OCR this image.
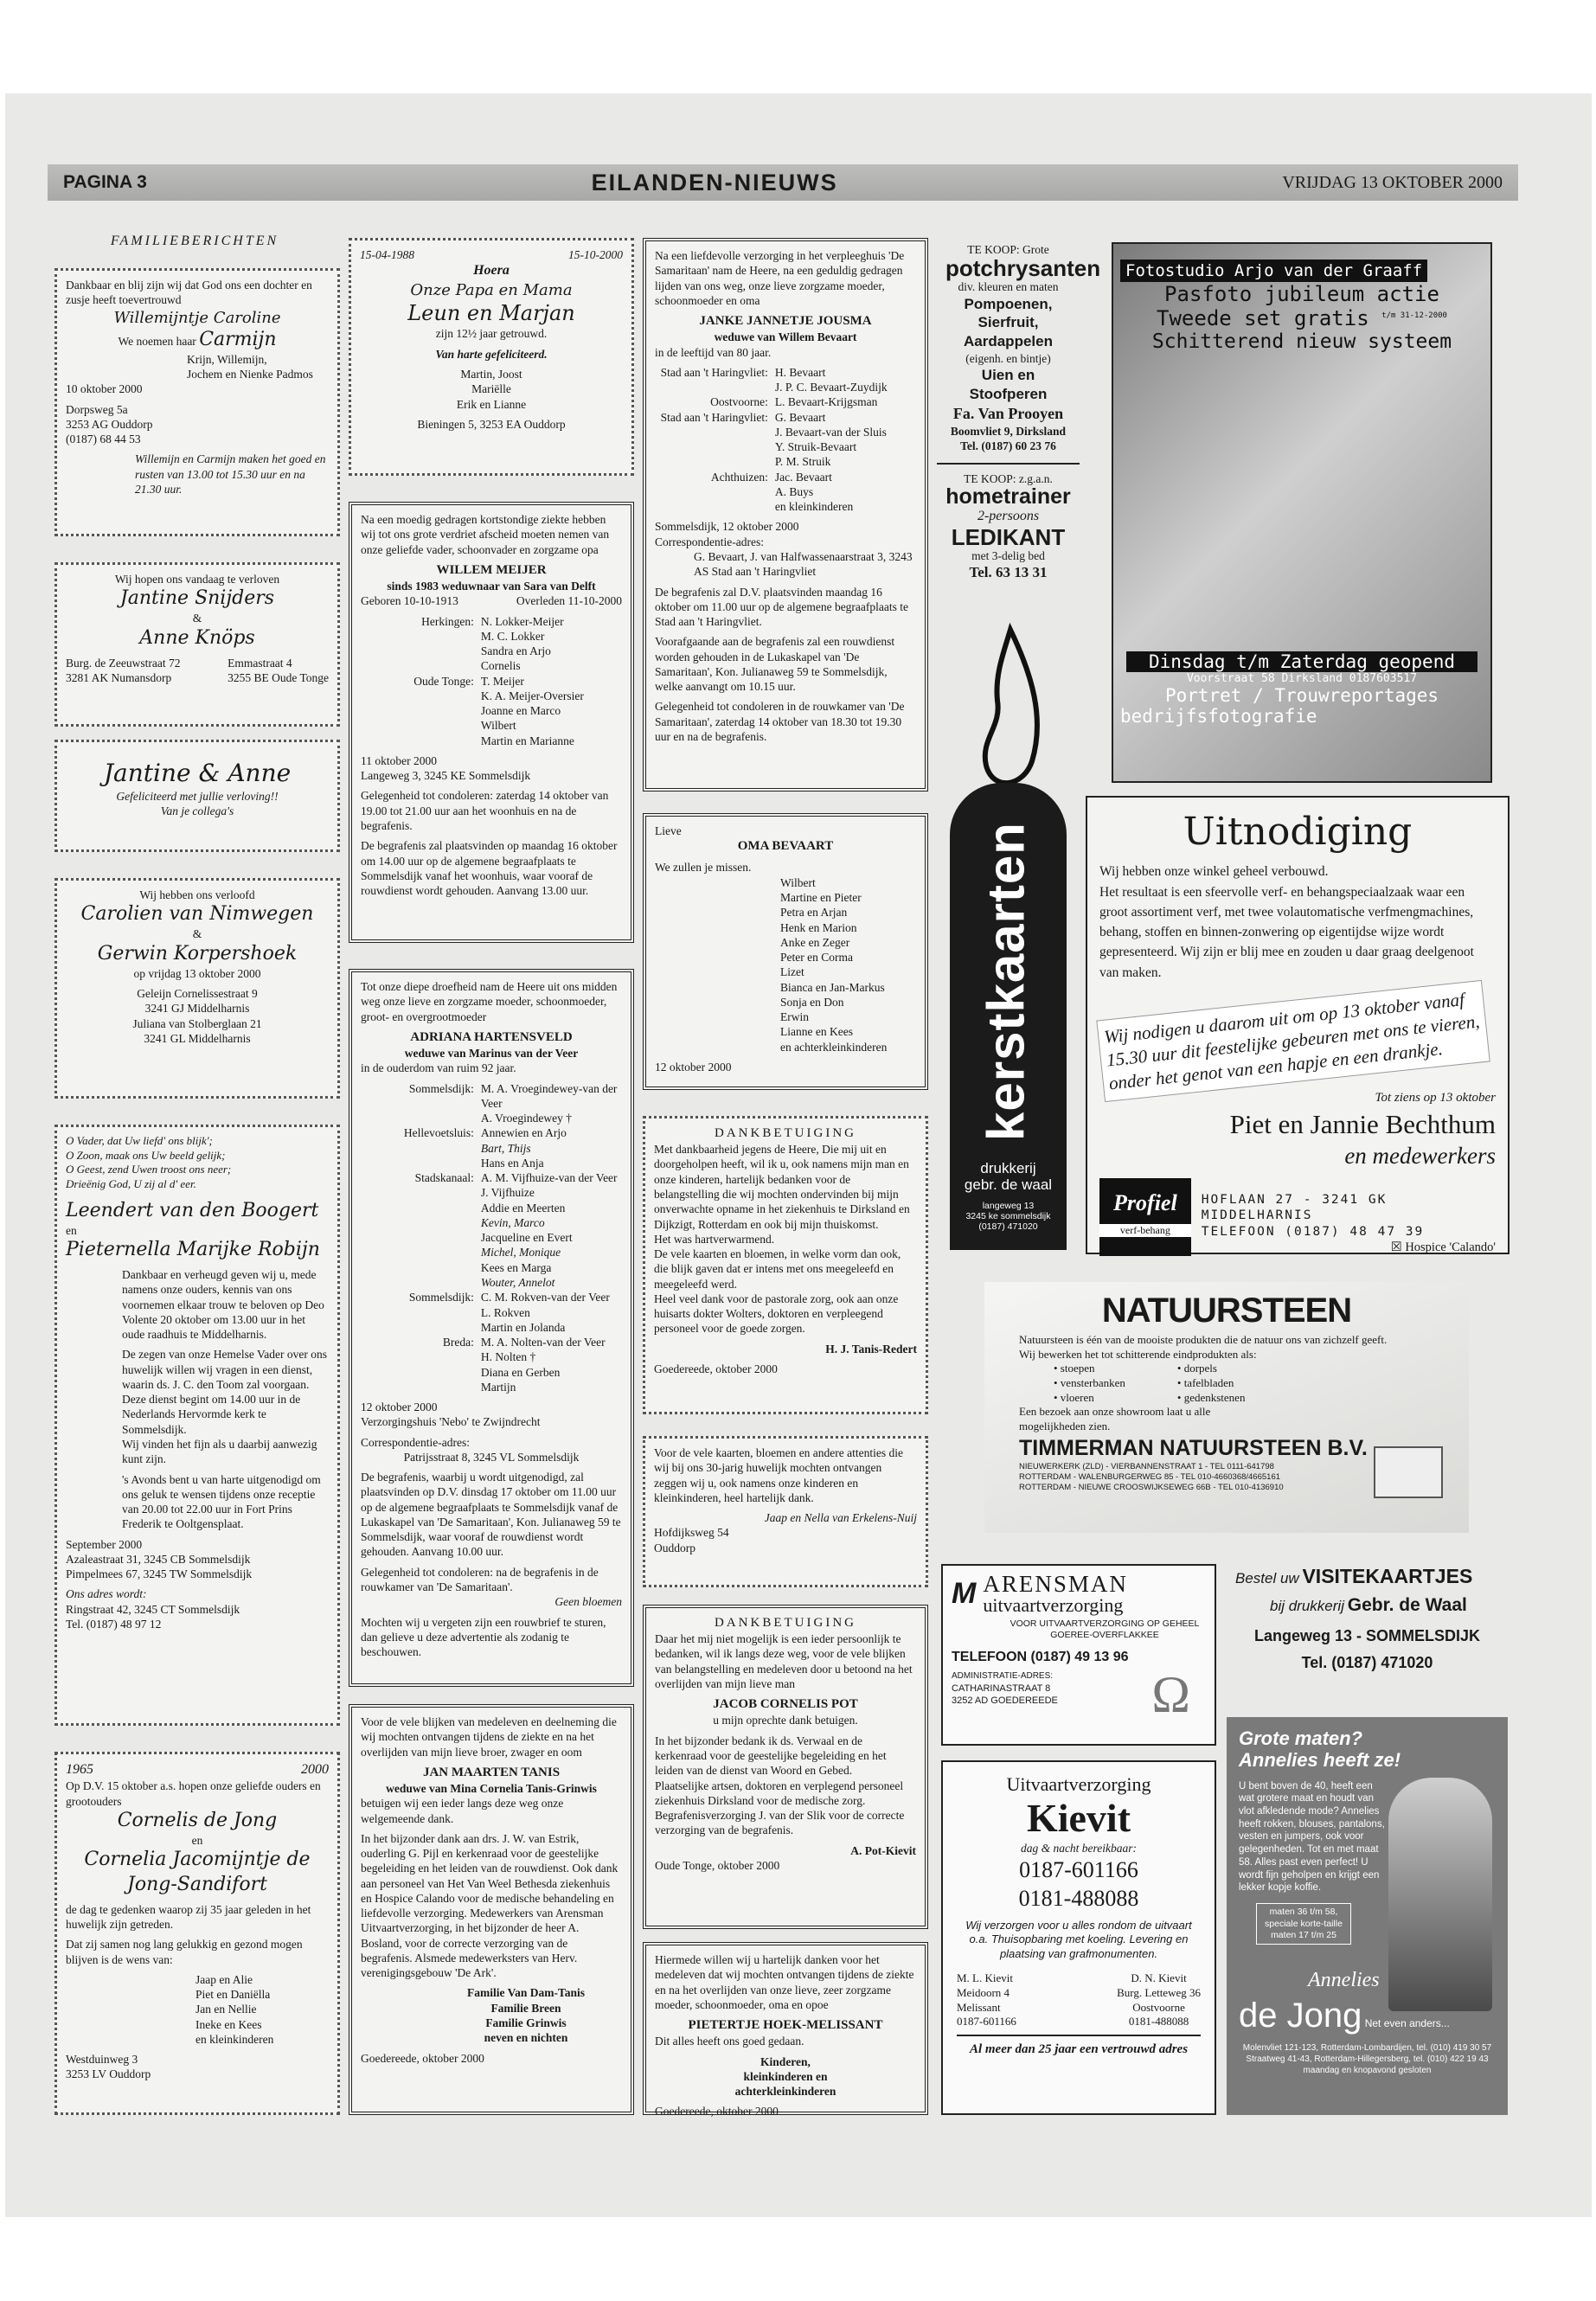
PAGINA 3	EILANDEN-NIEUWS	VRIJDAG 13 OKTOBER 2000
FAMILIEBERICHTEN
Dankbaar en blij zijn wij dat God ons een dochter en zusje heeft toevertrouwd
Willemijntje Caroline
We noemen haar Carmijn
Krijn, Willemijn,
Jochem en Nienke Padmos
10 oktober 2000
Dorpsweg 5a
3253 AG Ouddorp
(0187) 68 44 53
Willemijn en Carmijn maken het goed en rusten van 13.00 tot 15.30 uur en na 21.30 uur.
Wij hopen ons vandaag te verloven
Jantine Snijders
&
Anne Knöps
Burg. de Zeeuwstraat 72
3281 AK Numansdorp
Emmastraat 4
3255 BE Oude Tonge
Jantine & Anne
Gefeliciteerd met jullie verloving!!
Van je collega's
Wij hebben ons verloofd
Carolien van Nimwegen
&
Gerwin Korpershoek
op vrijdag 13 oktober 2000
Geleijn Cornelissestraat 9
3241 GJ Middelharnis
Juliana van Stolberglaan 21
3241 GL Middelharnis
O Vader, dat Uw liefd' ons blijk';
O Zoon, maak ons Uw beeld gelijk;
O Geest, zend Uwen troost ons neer;
Drieënig God, U zij al d' eer.
Leendert van den Boogert
en
Pieternella Marijke Robijn
Dankbaar en verheugd geven wij u, mede namens onze ouders, kennis van ons voornemen elkaar trouw te beloven op Deo Volente 20 oktober om 13.00 uur in het oude raadhuis te Middelharnis.
De zegen van onze Hemelse Vader over ons huwelijk willen wij vragen in een dienst, waarin ds. J. C. den Toom zal voorgaan.
Deze dienst begint om 14.00 uur in de Nederlands Hervormde kerk te Sommelsdijk.
Wij vinden het fijn als u daarbij aanwezig kunt zijn.
's Avonds bent u van harte uitgenodigd om ons geluk te wensen tijdens onze receptie van 20.00 tot 22.00 uur in Fort Prins Frederik te Ooltgensplaat.
September 2000
Azaleastraat 31, 3245 CB Sommelsdijk
Pimpelmees 67, 3245 TW Sommelsdijk
Ons adres wordt:
Ringstraat 42, 3245 CT Sommelsdijk
Tel. (0187) 48 97 12
1965	2000
Op D.V. 15 oktober a.s. hopen onze geliefde ouders en grootouders
Cornelis de Jong
en
Cornelia Jacomijntje de Jong-Sandifort
de dag te gedenken waarop zij 35 jaar geleden in het huwelijk zijn getreden.
Dat zij samen nog lang gelukkig en gezond mogen blijven is de wens van:
Jaap en Alie
Piet en Daniëlla
Jan en Nellie
Ineke en Kees
en kleinkinderen
Westduinweg 3
3253 LV Ouddorp
15-04-1988	15-10-2000
Hoera
Onze Papa en Mama
Leun en Marjan
zijn 12½ jaar getrouwd.
Van harte gefeliciteerd.
Martin, Joost
Mariëlle
Erik en Lianne
Bieningen 5, 3253 EA Ouddorp
Na een moedig gedragen kortstondige ziekte hebben wij tot ons grote verdriet afscheid moeten nemen van onze geliefde vader, schoonvader en zorgzame opa
WILLEM MEIJER
sinds 1983 weduwnaar van Sara van Delft
Geboren 10-10-1913	Overleden 11-10-2000
Herkingen: N. Lokker-Meijer
M. C. Lokker
Sandra en Arjo
Cornelis
Oude Tonge: T. Meijer
K. A. Meijer-Oversier
Joanne en Marco
Wilbert
Martin en Marianne
11 oktober 2000
Langeweg 3, 3245 KE Sommelsdijk
Gelegenheid tot condoleren: zaterdag 14 oktober van 19.00 tot 21.00 uur aan het woonhuis en na de begrafenis.
De begrafenis zal plaatsvinden op maandag 16 oktober om 14.00 uur op de algemene begraafplaats te Sommelsdijk vanaf het woonhuis, waar vooraf de rouwdienst wordt gehouden. Aanvang 13.00 uur.
Tot onze diepe droefheid nam de Heere uit ons midden weg onze lieve en zorgzame moeder, schoonmoeder, groot- en overgrootmoeder
ADRIANA HARTENSVELD
weduwe van Marinus van der Veer
in de ouderdom van ruim 92 jaar.
Sommelsdijk: M. A. Vroegindewey-van der Veer
A. Vroegindewey †
Hellevoetsluis: Annewien en Arjo
Bart, Thijs
Hans en Anja
Stadskanaal: A. M. Vijfhuize-van der Veer
J. Vijfhuize
Addie en Meerten
Kevin, Marco
Jacqueline en Evert
Michel, Monique
Kees en Marga
Wouter, Annelot
Sommelsdijk: C. M. Rokven-van der Veer
L. Rokven
Martin en Jolanda
Breda: M. A. Nolten-van der Veer
H. Nolten †
Diana en Gerben
Martijn
12 oktober 2000
Verzorgingshuis 'Nebo' te Zwijndrecht
Correspondentie-adres:
Patrijsstraat 8, 3245 VL Sommelsdijk
De begrafenis, waarbij u wordt uitgenodigd, zal plaatsvinden op D.V. dinsdag 17 oktober om 11.00 uur op de algemene begraafplaats te Sommelsdijk vanaf de Lukaskapel van 'De Samaritaan', Kon. Julianaweg 59 te Sommelsdijk, waar vooraf de rouwdienst wordt gehouden. Aanvang 10.00 uur.
Gelegenheid tot condoleren: na de begrafenis in de rouwkamer van 'De Samaritaan'.
Geen bloemen
Mochten wij u vergeten zijn een rouwbrief te sturen, dan gelieve u deze advertentie als zodanig te beschouwen.
Voor de vele blijken van medeleven en deelneming die wij mochten ontvangen tijdens de ziekte en na het overlijden van mijn lieve broer, zwager en oom
JAN MAARTEN TANIS
weduwe van Mina Cornelia Tanis-Grinwis
betuigen wij een ieder langs deze weg onze welgemeende dank.
In het bijzonder dank aan drs. J. W. van Estrik, ouderling G. Pijl en kerkenraad voor de geestelijke begeleiding en het leiden van de rouwdienst. Ook dank aan personeel van Het Van Weel Bethesda ziekenhuis en Hospice Calando voor de medische behandeling en liefdevolle verzorging. Medewerkers van Arensman Uitvaartverzorging, in het bijzonder de heer A. Bosland, voor de correcte verzorging van de begrafenis. Alsmede medewerksters van Herv. verenigingsgebouw 'De Ark'.
Familie Van Dam-Tanis
Familie Breen
Familie Grinwis
neven en nichten
Goedereede, oktober 2000
Na een liefdevolle verzorging in het verpleeghuis 'De Samaritaan' nam de Heere, na een geduldig gedragen lijden van ons weg, onze lieve zorgzame moeder, schoonmoeder en oma
JANKE JANNETJE JOUSMA
weduwe van Willem Bevaart
in de leeftijd van 80 jaar.
Stad aan 't Haringvliet: H. Bevaart
J. P. C. Bevaart-Zuydijk
Oostvoorne: L. Bevaart-Krijgsman
Stad aan 't Haringvliet: G. Bevaart
J. Bevaart-van der Sluis
Y. Struik-Bevaart
P. M. Struik
Achthuizen: Jac. Bevaart
A. Buys
en kleinkinderen
Sommelsdijk, 12 oktober 2000
Correspondentie-adres:
G. Bevaart, J. van Halfwassenaarstraat 3, 3243 AS Stad aan 't Haringvliet
De begrafenis zal D.V. plaatsvinden maandag 16 oktober om 11.00 uur op de algemene begraafplaats te Stad aan 't Haringvliet.
Voorafgaande aan de begrafenis zal een rouwdienst worden gehouden in de Lukaskapel van 'De Samaritaan', Kon. Julianaweg 59 te Sommelsdijk, welke aanvangt om 10.15 uur.
Gelegenheid tot condoleren in de rouwkamer van 'De Samaritaan', zaterdag 14 oktober van 18.30 tot 19.30 uur en na de begrafenis.
Lieve
OMA BEVAART
We zullen je missen.
Wilbert
Martine en Pieter
Petra en Arjan
Henk en Marion
Anke en Zeger
Peter en Corma
Lizet
Bianca en Jan-Markus
Sonja en Don
Erwin
Lianne en Kees
en achterkleinkinderen
12 oktober 2000
DANKBETUIGING
Met dankbaarheid jegens de Heere, Die mij uit en doorgeholpen heeft, wil ik u, ook namens mijn man en onze kinderen, hartelijk bedanken voor de belangstelling die wij mochten ondervinden bij mijn onverwachte opname in het ziekenhuis te Dirksland en Dijkzigt, Rotterdam en ook bij mijn thuiskomst.
Het was hartverwarmend.
De vele kaarten en bloemen, in welke vorm dan ook, die blijk gaven dat er intens met ons meegeleefd en meegeleefd werd.
Heel veel dank voor de pastorale zorg, ook aan onze huisarts dokter Wolters, doktoren en verpleegend personeel voor de goede zorgen.
H. J. Tanis-Redert
Goedereede, oktober 2000
Voor de vele kaarten, bloemen en andere attenties die wij bij ons 30-jarig huwelijk mochten ontvangen zeggen wij u, ook namens onze kinderen en kleinkinderen, heel hartelijk dank.
Jaap en Nella van Erkelens-Nuij
Hofdijksweg 54
Ouddorp
DANKBETUIGING
Daar het mij niet mogelijk is een ieder persoonlijk te bedanken, wil ik langs deze weg, voor de vele blijken van belangstelling en medeleven door u betoond na het overlijden van mijn lieve man
JACOB CORNELIS POT
u mijn oprechte dank betuigen.
In het bijzonder bedank ik ds. Verwaal en de kerkenraad voor de geestelijke begeleiding en het leiden van de dienst van Woord en Gebed.
Plaatselijke artsen, doktoren en verplegend personeel ziekenhuis Dirksland voor de medische zorg. Begrafenisverzorging J. van der Slik voor de correcte verzorging van de begrafenis.
A. Pot-Kievit
Oude Tonge, oktober 2000
Hiermede willen wij u hartelijk danken voor het medeleven dat wij mochten ontvangen tijdens de ziekte en na het overlijden van onze lieve, zeer zorgzame moeder, schoonmoeder, oma en opoe
PIETERTJE HOEK-MELISSANT
Dit alles heeft ons goed gedaan.
Kinderen,
kleinkinderen en
achterkleinkinderen
Goedereede, oktober 2000
TE KOOP: Grote
potchrysanten
div. kleuren en maten
Pompoenen, Sierfruit,
Aardappelen
(eigenh. en bintje)
Uien en Stoofperen
Fa. Van Prooyen
Boomvliet 9, Dirksland
Tel. (0187) 60 23 76
TE KOOP: z.g.a.n.
hometrainer
2-persoons
LEDIKANT
met 3-delig bed
Tel. 63 13 31
kerstkaarten
drukkerij
gebr. de waal
langeweg 13
3245 ke sommelsdijk
(0187) 471020
Fotostudio Arjo van der Graaff
Pasfoto jubileum actie
Tweede set gratis $^{t/m 31-12-2000}$
Schitterend nieuw systeem
Dinsdag t/m Zaterdag geopend
Voorstraat 58 Dirksland 0187603517
Portret / Trouwreportages
bedrijfsfotografie
Uitnodiging
Wij hebben onze winkel geheel verbouwd.
Het resultaat is een sfeervolle verf- en behangspeciaalzaak waar een groot assortiment verf, met twee volautomatische verfmengmachines, behang, stoffen en binnen-zonwering op eigentijdse wijze wordt gepresenteerd. Wij zijn er blij mee en zouden u daar graag deelgenoot van maken.
Wij nodigen u daarom uit om op 13 oktober vanaf 15.30 uur dit feestelijke gebeuren met ons te vieren, onder het genot van een hapje en een drankje.
Tot ziens op 13 oktober
Piet en Jannie Bechthum
en medewerkers
Profiel
verf-behang
HOFLAAN 27 - 3241 GK MIDDELHARNIS
TELEFOON (0187) 48 47 39
☒ Hospice 'Calando'
NATUURSTEEN
Natuursteen is één van de mooiste produkten die de natuur ons van zichzelf geeft.
Wij bewerken het tot schitterende eindprodukten als:
• stoepen
• vensterbanken
• vloeren
• dorpels
• tafelbladen
• gedenkstenen
Een bezoek aan onze showroom laat u alle mogelijkheden zien.
TIMMERMAN NATUURSTEEN B.V.
NIEUWERKERK (ZLD) - VIERBANNENSTRAAT 1 - TEL 0111-641798
ROTTERDAM - WALENBURGERWEG 85 - TEL 010-4660368/4665161
ROTTERDAM - NIEUWE CROOSWIJKSEWEG 66B - TEL 010-4136910
M ARENSMAN
uitvaartverzorging
VOOR UITVAARTVERZORGING OP GEHEEL GOEREE-OVERFLAKKEE
TELEFOON (0187) 49 13 96
ADMINISTRATIE-ADRES:
CATHARINASTRAAT 8
3252 AD GOEDEREEDE	Ω
Bestel uw VISITEKAARTJES
bij drukkerij Gebr. de Waal
Langeweg 13 - SOMMELSDIJK
Tel. (0187) 471020
Uitvaartverzorging
Kievit
dag & nacht bereikbaar:
0187-601166
0181-488088
Wij verzorgen voor u alles rondom de uitvaart o.a. Thuisopbaring met koeling. Levering en plaatsing van grafmonumenten.
M. L. Kievit
Meidoorn 4
Melissant
0187-601166
D. N. Kievit
Burg. Letteweg 36
Oostvoorne
0181-488088
Al meer dan 25 jaar een vertrouwd adres
Grote maten?
Annelies heeft ze!
U bent boven de 40, heeft een wat grotere maat en houdt van vlot afkledende mode? Annelies heeft rokken, blouses, pantalons, vesten en jumpers, ook voor gelegenheden. Tot en met maat 58. Alles past even perfect! U wordt fijn geholpen en krijgt een lekker kopje koffie.
maten 36 t/m 58, speciale korte-taille maten 17 t/m 25
Annelies
de Jong Net even anders...
Molenvliet 121-123, Rotterdam-Lombardijen, tel. (010) 419 30 57
Straatweg 41-43, Rotterdam-Hillegersberg, tel. (010) 422 19 43
maandag en knopavond gesloten
